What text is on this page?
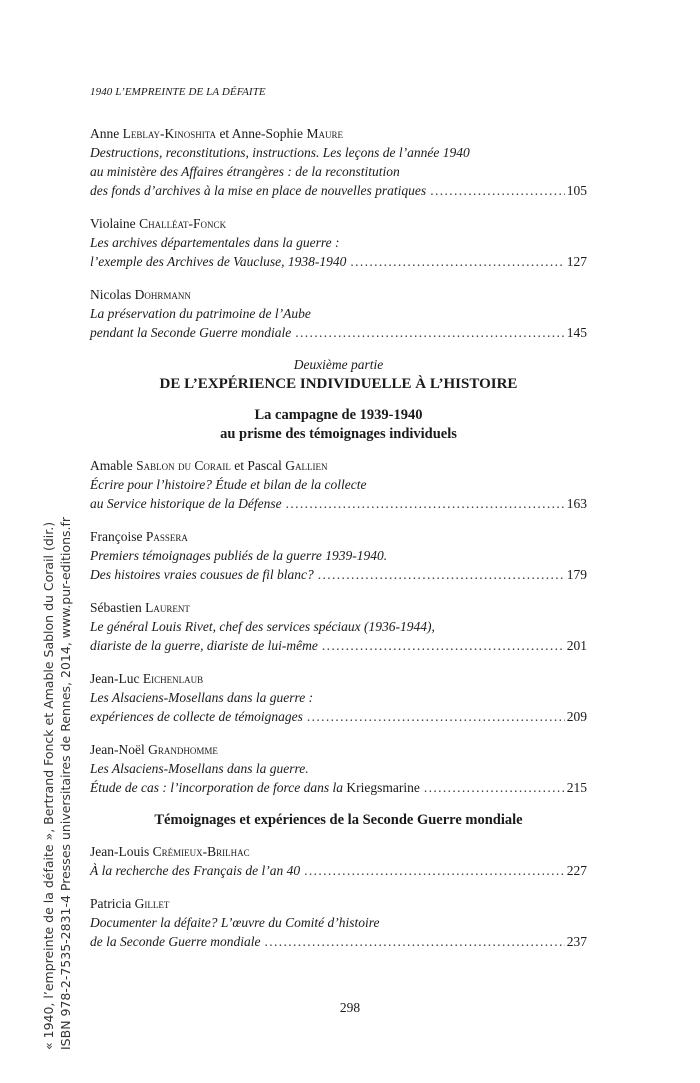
1940 L’EMPREINTE DE LA DÉFAITE
Anne Leblay-Kinoshita et Anne-Sophie Maure
Destructions, reconstitutions, instructions. Les leçons de l’année 1940
au ministère des Affaires étrangères : de la reconstitution
des fonds d’archives à la mise en place de nouvelles pratiques . . .	105
Violaine Challéat-Fonck
Les archives départementales dans la guerre :
l’exemple des Archives de Vaucluse, 1938-1940 . . .	127
Nicolas Dohrmann
La préservation du patrimoine de l’Aube
pendant la Seconde Guerre mondiale . . .	145
Deuxième partie
DE L’EXPÉRIENCE INDIVIDUELLE À L’HISTOIRE
La campagne de 1939-1940
au prisme des témoignages individuels
Amable Sablon du Corail et Pascal Gallien
Écrire pour l’histoire? Étude et bilan de la collecte
au Service historique de la Défense . . .	163
Françoise Passera
Premiers témoignages publiés de la guerre 1939-1940.
Des histoires vraies cousues de fil blanc? . . .	179
Sébastien Laurent
Le général Louis Rivet, chef des services spéciaux (1936-1944),
diariste de la guerre, diariste de lui-même . . .	201
Jean-Luc Eichenlaub
Les Alsaciens-Mosellans dans la guerre :
expériences de collecte de témoignages . . .	209
Jean-Noël Grandhomme
Les Alsaciens-Mosellans dans la guerre.
Étude de cas : l’incorporation de force dans la Kriegsmarine . . .	215
Témoignages et expériences de la Seconde Guerre mondiale
Jean-Louis Crémieux-Brilhac
À la recherche des Français de l’an 40 . . .	227
Patricia Gillet
Documenter la défaite? L’œuvre du Comité d’histoire
de la Seconde Guerre mondiale . . .	237
298
« 1940, l’empreinte de la défaite », Bertrand Fonck et Amable Sablon du Corail (dir.) ISBN 978-2-7535-2831-4 Presses universitaires de Rennes, 2014, www.pur-editions.fr
